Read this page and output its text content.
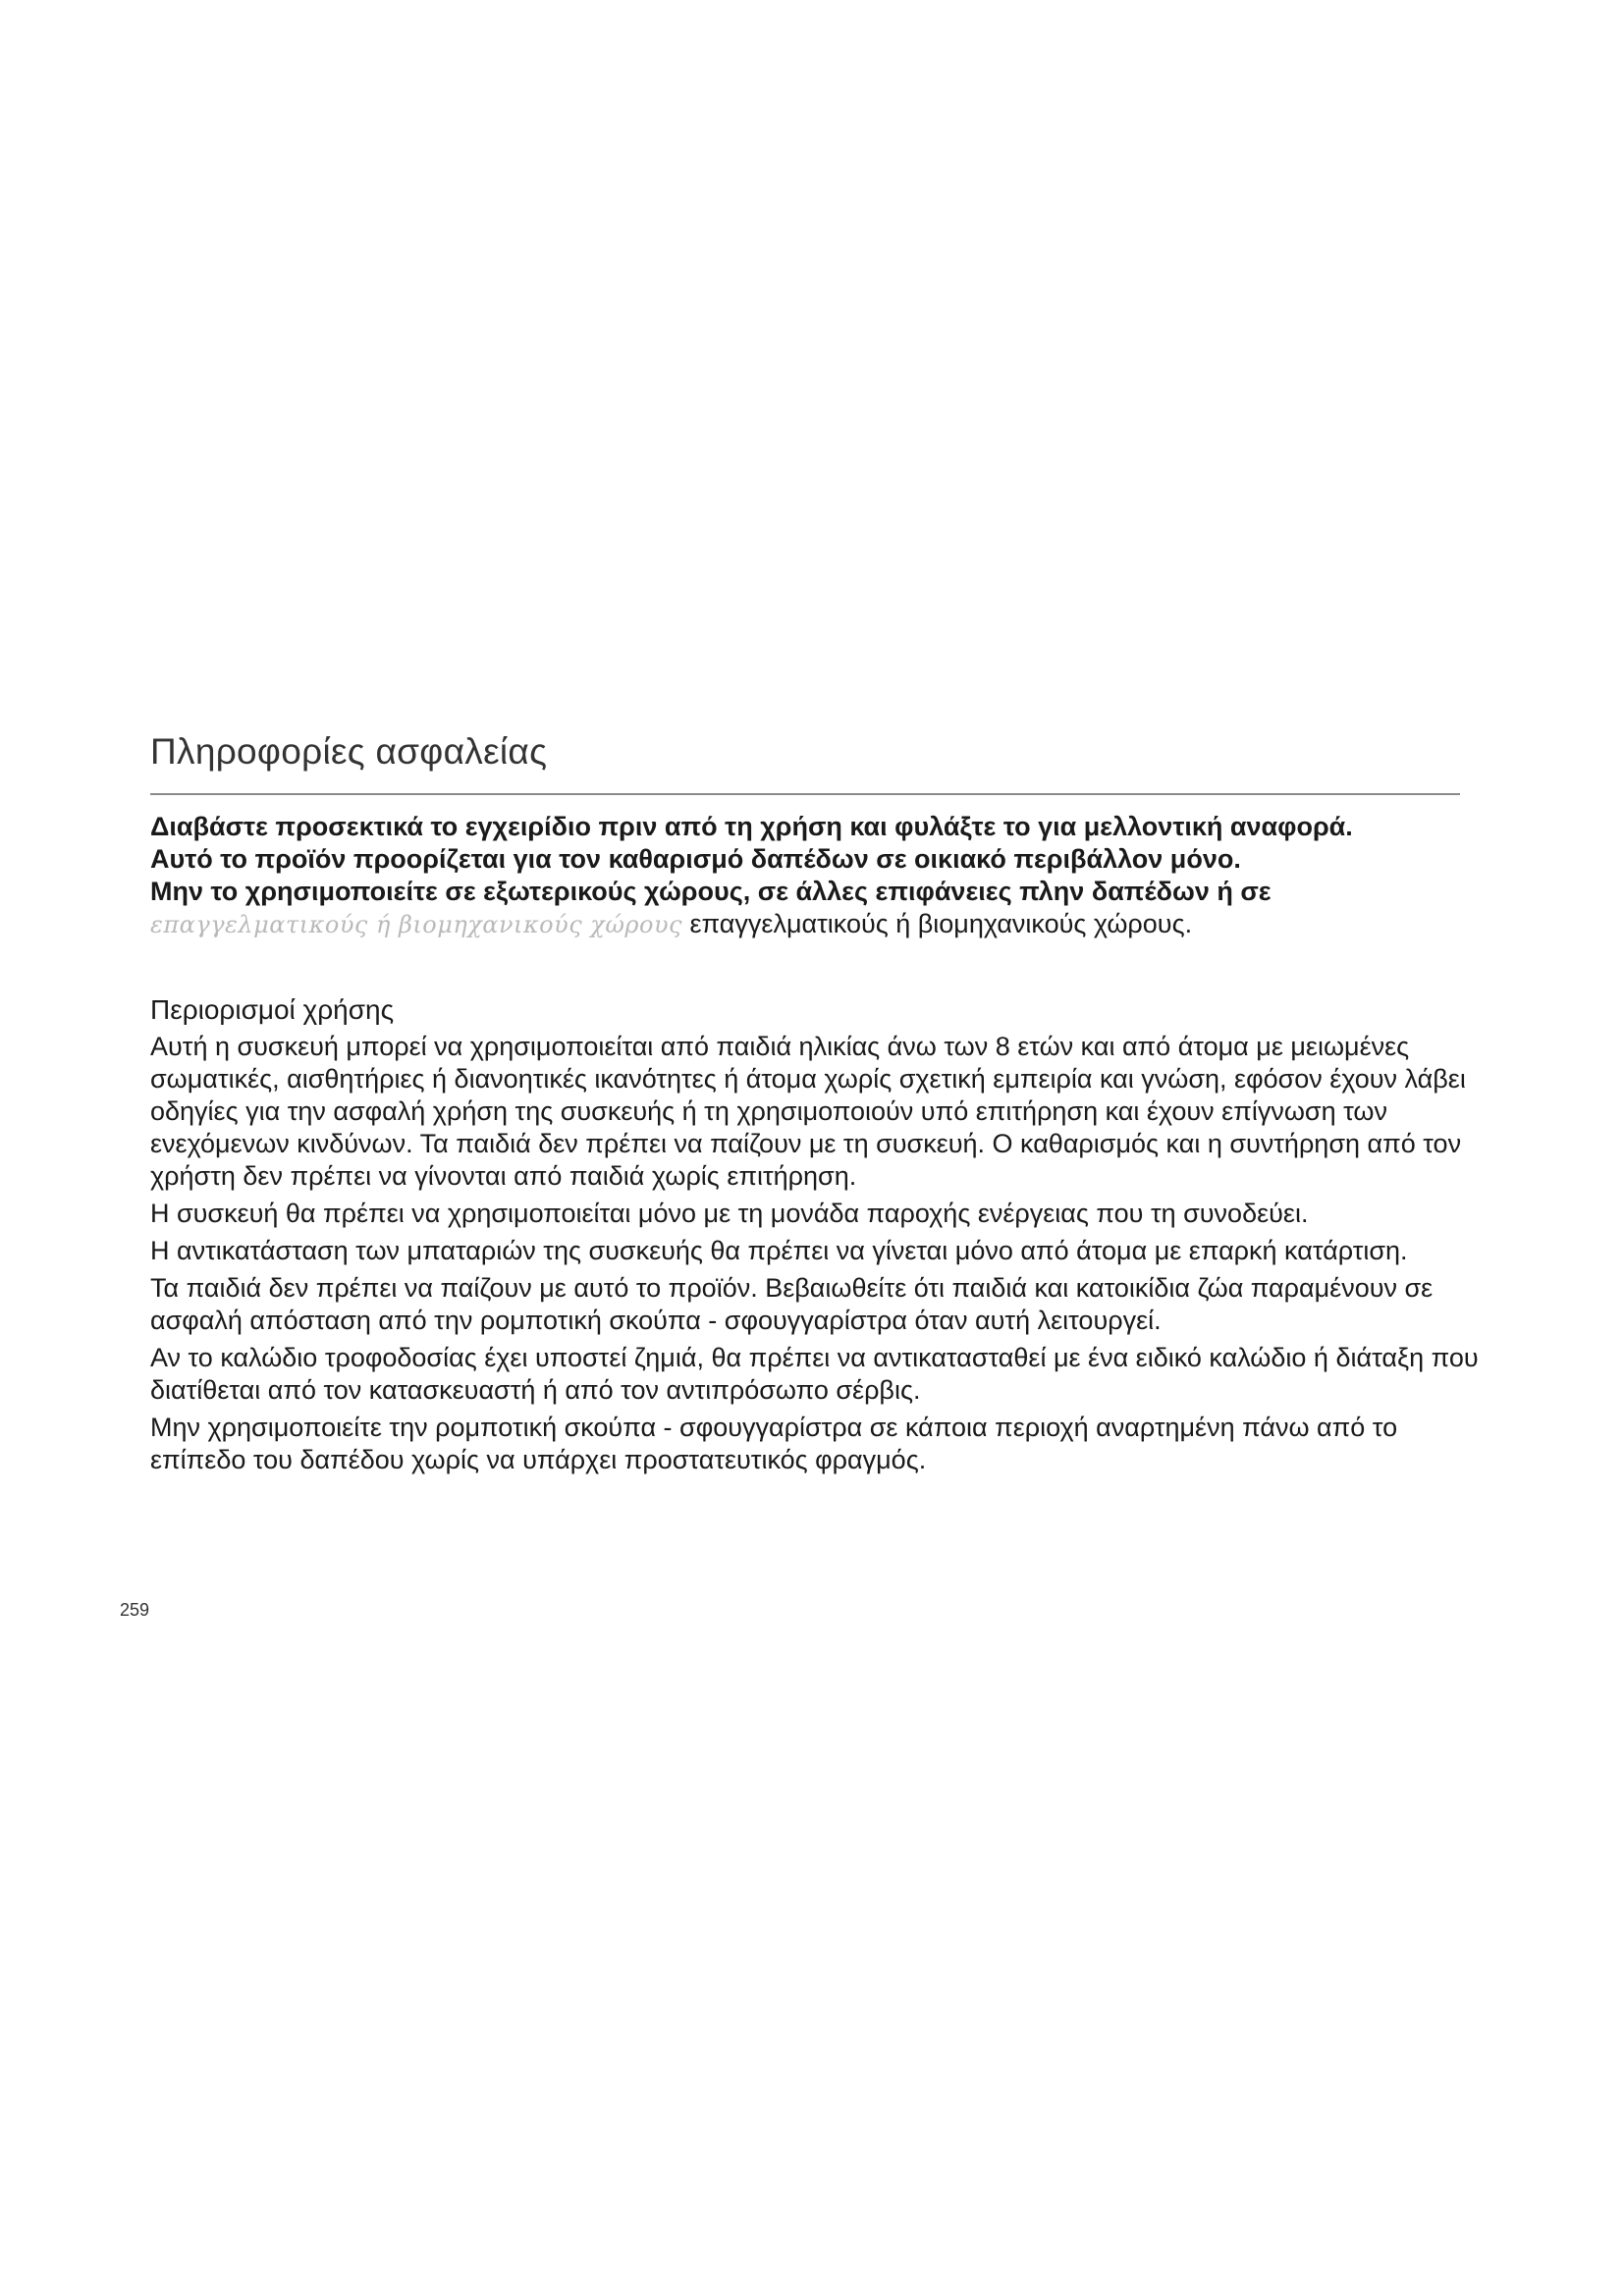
Πληροφορίες ασφαλείας

Διαβάστε προσεκτικά το εγχειρίδιο πριν από τη χρήση και φυλάξτε το για μελλοντική αναφορά.

Αυτό το προϊόν προορίζεται για τον καθαρισμό δαπέδων σε οικιακό περιβάλλον μόνο.

Μην το χρησιμοποιείτε σε εξωτερικούς χώρους, σε άλλες επιφάνειες πλην δαπέδων ή σε

επαγγελματικούς ή βιομηχανικούς χώρους επαγγελματικούς ή βιομηχανικούς χώρους.

Περιορισμοί χρήσης

Αυτή η συσκευή μπορεί να χρησιμοποιείται από παιδιά ηλικίας άνω των 8 ετών και από άτομα με μειωμένες σωματικές, αισθητήριες ή διανοητικές ικανότητες ή άτομα χωρίς σχετική εμπειρία και γνώση, εφόσον έχουν λάβει οδηγίες για την ασφαλή χρήση της συσκευής ή τη χρησιμοποιούν υπό επιτήρηση και έχουν επίγνωση των ενεχόμενων κινδύνων. Τα παιδιά δεν πρέπει να παίζουν με τη συσκευή. Ο καθαρισμός και η συντήρηση από τον χρήστη δεν πρέπει να γίνονται από παιδιά χωρίς επιτήρηση.

Η συσκευή θα πρέπει να χρησιμοποιείται μόνο με τη μονάδα παροχής ενέργειας που τη συνοδεύει.

Η αντικατάσταση των μπαταριών της συσκευής θα πρέπει να γίνεται μόνο από άτομα με επαρκή κατάρτιση.

Τα παιδιά δεν πρέπει να παίζουν με αυτό το προϊόν. Βεβαιωθείτε ότι παιδιά και κατοικίδια ζώα παραμένουν σε ασφαλή απόσταση από την ρομποτική σκούπα - σφουγγαρίστρα όταν αυτή λειτουργεί.

Αν το καλώδιο τροφοδοσίας έχει υποστεί ζημιά, θα πρέπει να αντικατασταθεί με ένα ειδικό καλώδιο ή διάταξη που διατίθεται από τον κατασκευαστή ή από τον αντιπρόσωπο σέρβις.

Μην χρησιμοποιείτε την ρομποτική σκούπα - σφουγγαρίστρα σε κάποια περιοχή αναρτημένη πάνω από το επίπεδο του δαπέδου χωρίς να υπάρχει προστατευτικός φραγμός.

259
